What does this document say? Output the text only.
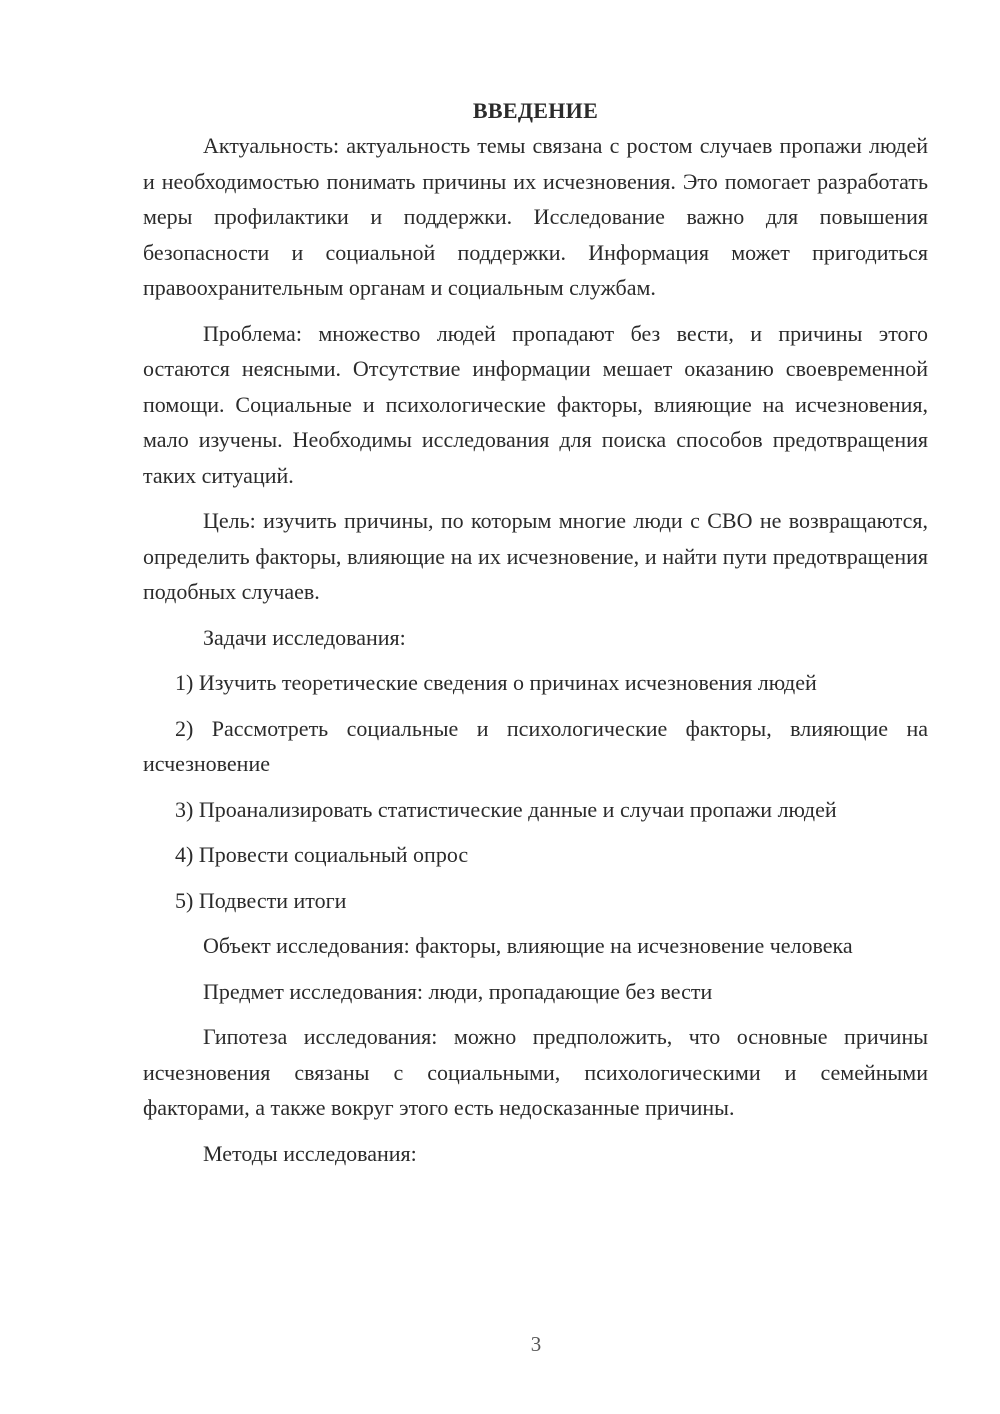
ВВЕДЕНИЕ

Актуальность: актуальность темы связана с ростом случаев пропажи людей и необходимостью понимать причины их исчезновения. Это помогает разработать меры профилактики и поддержки. Исследование важно для повышения безопасности и социальной поддержки. Информация может пригодиться правоохранительным органам и социальным службам.

Проблема: множество людей пропадают без вести, и причины этого остаются неясными. Отсутствие информации мешает оказанию своевременной помощи. Социальные и психологические факторы, влияющие на исчезновения, мало изучены. Необходимы исследования для поиска способов предотвращения таких ситуаций.

Цель: изучить причины, по которым многие люди с СВО не возвращаются, определить факторы, влияющие на их исчезновение, и найти пути предотвращения подобных случаев.

Задачи исследования:

1) Изучить теоретические сведения о причинах исчезновения людей

2) Рассмотреть социальные и психологические факторы, влияющие на исчезновение

3) Проанализировать статистические данные и случаи пропажи людей

4) Провести социальный опрос

5) Подвести итоги

Объект исследования: факторы, влияющие на исчезновение человека

Предмет исследования: люди, пропадающие без вести

Гипотеза исследования: можно предположить, что основные причины исчезновения связаны с социальными, психологическими и семейными факторами, а также вокруг этого есть недосказанные причины.

Методы исследования:

3
